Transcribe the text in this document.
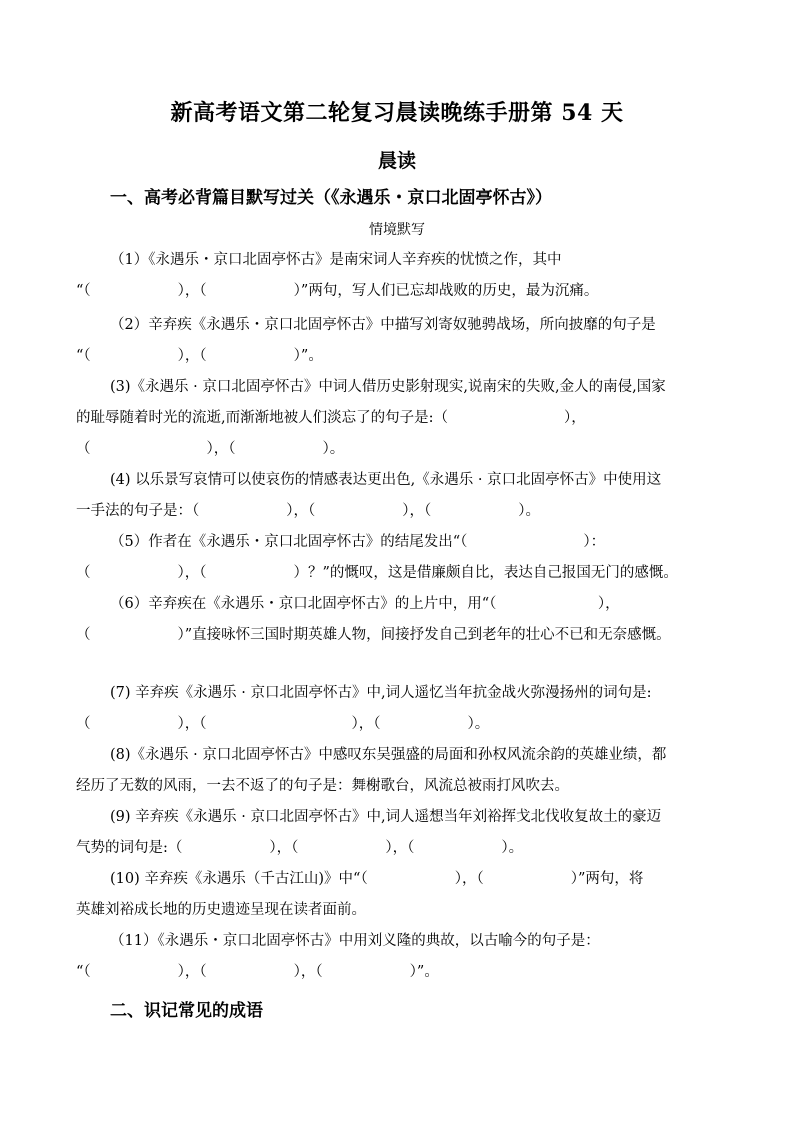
新高考语文第二轮复习晨读晚练手册第 54 天
晨读
一、高考必背篇目默写过关（《永遇乐・京口北固亭怀古》）
情境默写

（1）《永遇乐・京口北固亭怀古》是南宋词人辛弃疾的忧愤之作，其中

“（　　　　　　），（　　　　　　）”两句，写人们已忘却战败的历史，最为沉痛。

（2）辛弃疾《永遇乐・京口北固亭怀古》中描写刘寄奴驰骋战场，所向披靡的句子是

“（　　　　　　），（　　　　　　）”。

(3)《永遇乐 · 京口北固亭怀古》中词人借历史影射现实,说南宋的失败,金人的南侵,国家

的耻辱随着时光的流逝,而渐渐地被人们淡忘了的句子是:（　　　　　　　　），

（　　　　　　　　），（　　　　　　）。

(4) 以乐景写哀情可以使哀伤的情感表达更出色,《永遇乐 · 京口北固亭怀古》中使用这

一手法的句子是：（　　　　　　），（　　　　　　），（　　　　　　）。

（5）作者在《永遇乐・京口北固亭怀古》的结尾发出“（　　　　　　　　）：

（　　　　　　），（　　　　　　）？”的慨叹，这是借廉颇自比，表达自己报国无门的感慨。

（6）辛弃疾在《永遇乐・京口北固亭怀古》的上片中，用“（　　　　　　　），

（　　　　　　）”直接咏怀三国时期英雄人物，间接抒发自己到老年的壮心不已和无奈感慨。

(7) 辛弃疾《永遇乐 · 京口北固亭怀古》中,词人遥忆当年抗金战火弥漫扬州的词句是:

（　　　　　　），（　　　　　　　　　　），（　　　　　　）。

(8)《永遇乐 · 京口北固亭怀古》中感叹东吴强盛的局面和孙权风流余韵的英雄业绩，都

经历了无数的风雨，一去不返了的句子是：舞榭歌台，风流总被雨打风吹去。

(9) 辛弃疾《永遇乐 · 京口北固亭怀古》中,词人遥想当年刘裕挥戈北伐收复故土的豪迈

气势的词句是:（　　　　　　），（　　　　　　），（　　　　　　）。

(10) 辛弃疾《永遇乐（千古江山)》中“（　　　　　　），（　　　　　　）”两句，将

英雄刘裕成长地的历史遗迹呈现在读者面前。

（11）《永遇乐・京口北固亭怀古》中用刘义隆的典故，以古喻今的句子是：

“（　　　　　　），（　　　　　　），（　　　　　　）”。

二、识记常见的成语
